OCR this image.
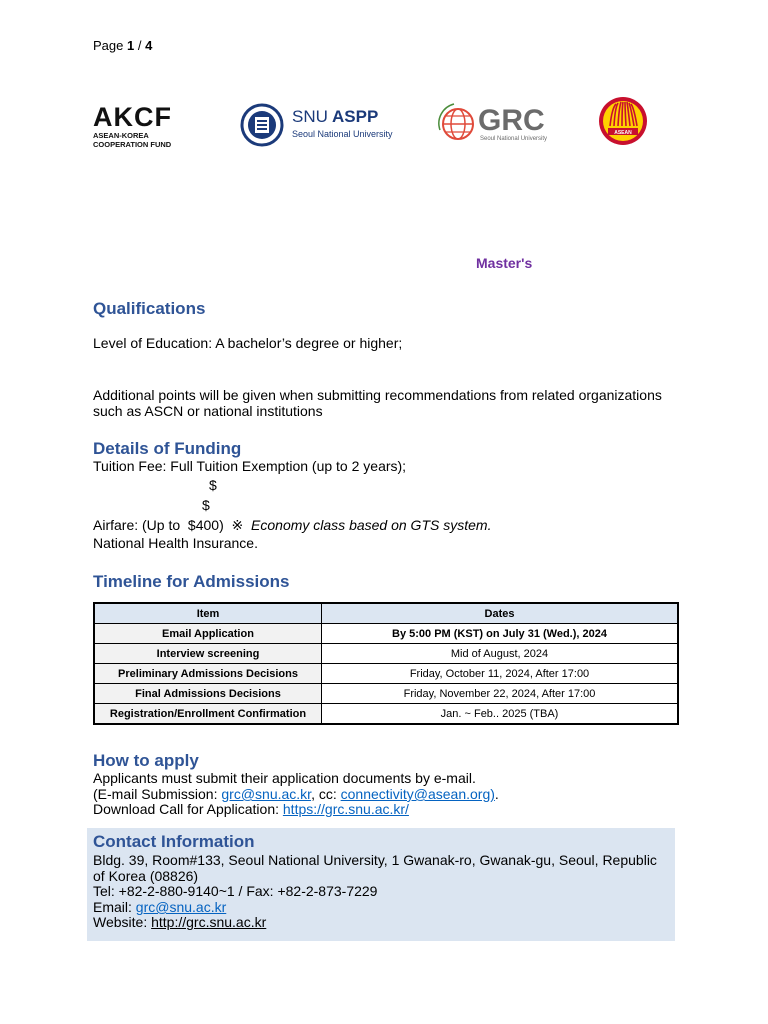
Page 1 / 4
AKCF
ASEAN-KOREA
COOPERATION FUND
SNU ASPP
Seoul National University	GRC
Seoul National University
ASEAN
Master's
Qualifications
Level of Education: A bachelor’s degree or higher;
Additional points will be given when submitting recommendations from related organizations such as ASCN or national institutions
Details of Funding
Tuition Fee: Full Tuition Exemption (up to 2 years);
$
$
Airfare: (Up to $400) ※ Economy class based on GTS system.
National Health Insurance.
Timeline for Admissions
Item	Dates
Email Application	By 5:00 PM (KST) on July 31 (Wed.), 2024
Interview screening	Mid of August, 2024
Preliminary Admissions Decisions	Friday, October 11, 2024, After 17:00
Final Admissions Decisions	Friday, November 22, 2024, After 17:00
Registration/Enrollment Confirmation	Jan. ~ Feb.. 2025 (TBA)
How to apply
Applicants must submit their application documents by e-mail.
(E-mail Submission: grc@snu.ac.kr, cc: connectivity@asean.org).
Download Call for Application: https://grc.snu.ac.kr/
Contact Information
Bldg. 39, Room#133, Seoul National University, 1 Gwanak-ro, Gwanak-gu, Seoul, Republic of Korea (08826)
Tel: +82-2-880-9140~1 / Fax: +82-2-873-7229
Email: grc@snu.ac.kr
Website: http://grc.snu.ac.kr
